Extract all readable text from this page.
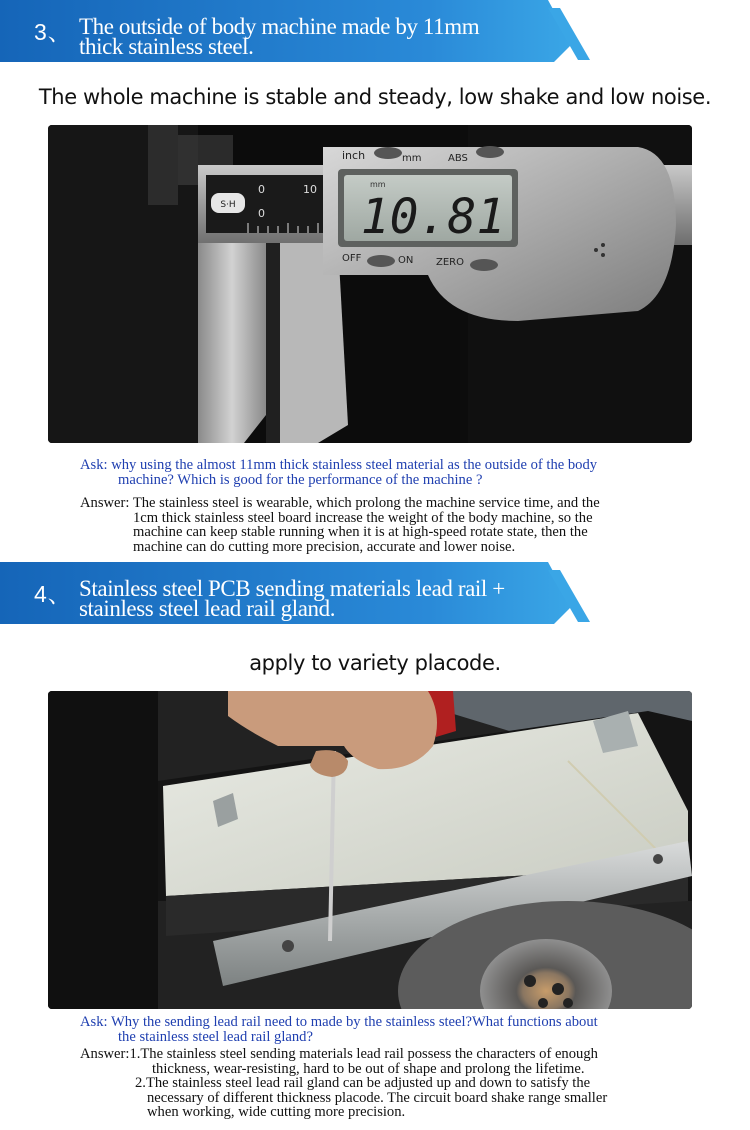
3、 The outside of body machine made by 11mm
thick stainless steel.
The whole machine is stable and steady, low shake and low noise.
S·H
0	10
0
inch	mm	ABS
mm
10.81
OFF	ON ZERO
Ask: why using the almost 11mm thick stainless steel material as the outside of the body
machine? Which is good for the performance of the machine ?
Answer: The stainless steel is wearable, which prolong the machine service time, and the
1cm thick stainless steel board increase the weight of the body machine, so the
machine can keep stable running when it is at high-speed rotate state, then the
machine can do cutting more precision, accurate and lower noise.
4、 Stainless steel PCB sending materials lead rail +
stainless steel lead rail gland.
apply to variety placode.
Ask: Why the sending lead rail need to made by the stainless steel?What functions about
the stainless steel lead rail gland?
Answer:1.The stainless steel sending materials lead rail possess the characters of enough
thickness, wear-resisting, hard to be out of shape and prolong the lifetime.
2.The stainless steel lead rail gland can be adjusted up and down to satisfy the
necessary of different thickness placode. The circuit board shake range smaller
when working, wide cutting more precision.
